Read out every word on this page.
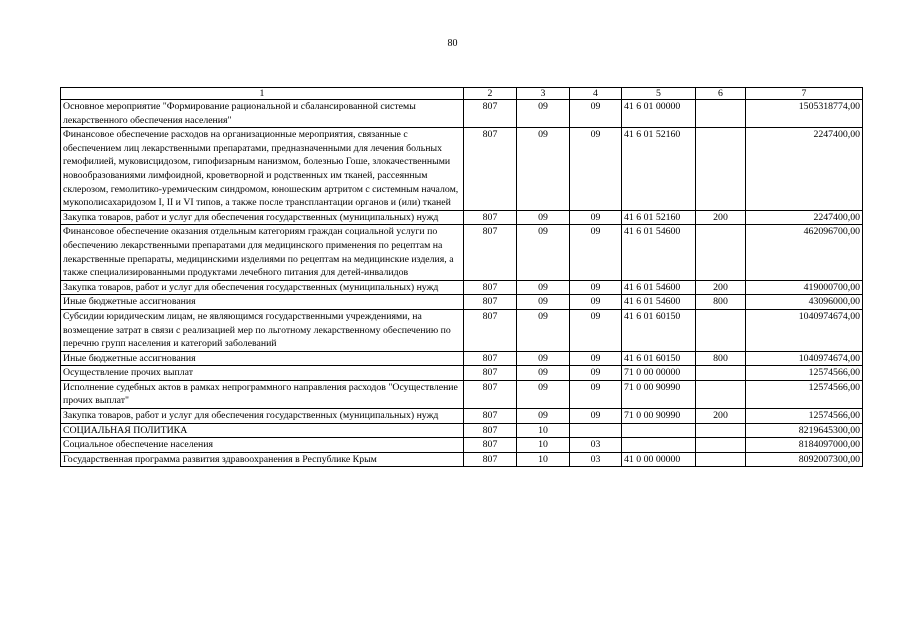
80
1	2	3	4	5	6	7
Основное мероприятие "Формирование рациональной и сбалансированной системы лекарственного обеспечения населения"	807	09	09	41 6 01 00000		1505318774,00
Финансовое обеспечение расходов на организационные мероприятия, связанные с обеспечением лиц лекарственными препаратами, предназначенными для лечения больных гемофилией, муковисцидозом, гипофизарным нанизмом, болезнью Гоше, злокачественными новообразованиями лимфоидной, кроветворной и родственных им тканей, рассеянным склерозом, гемолитико-уремическим синдромом, юношеским артритом с системным началом, мукополисахаридозом I, II и VI типов, а также после трансплантации органов и (или) тканей	807	09	09	41 6 01 52160		2247400,00
Закупка товаров, работ и услуг для обеспечения государственных (муниципальных) нужд	807	09	09	41 6 01 52160	200	2247400,00
Финансовое обеспечение оказания отдельным категориям граждан социальной услуги по обеспечению лекарственными препаратами для медицинского применения по рецептам на лекарственные препараты, медицинскими изделиями по рецептам на медицинские изделия, а также специализированными продуктами лечебного питания для детей-инвалидов	807	09	09	41 6 01 54600		462096700,00
Закупка товаров, работ и услуг для обеспечения государственных (муниципальных) нужд	807	09	09	41 6 01 54600	200	419000700,00
Иные бюджетные ассигнования	807	09	09	41 6 01 54600	800	43096000,00
Субсидии юридическим лицам, не являющимся государственными учреждениями, на возмещение затрат в связи с реализацией мер по льготному лекарственному обеспечению по перечню групп населения и категорий заболеваний	807	09	09	41 6 01 60150		1040974674,00
Иные бюджетные ассигнования	807	09	09	41 6 01 60150	800	1040974674,00
Осуществление прочих выплат	807	09	09	71 0 00 00000		12574566,00
Исполнение судебных актов в рамках непрограммного направления расходов "Осуществление прочих выплат"	807	09	09	71 0 00 90990		12574566,00
Закупка товаров, работ и услуг для обеспечения государственных (муниципальных) нужд	807	09	09	71 0 00 90990	200	12574566,00
СОЦИАЛЬНАЯ ПОЛИТИКА	807	10				8219645300,00
Социальное обеспечение населения	807	10	03			8184097000,00
Государственная программа развития здравоохранения в Республике Крым	807	10	03	41 0 00 00000		8092007300,00
